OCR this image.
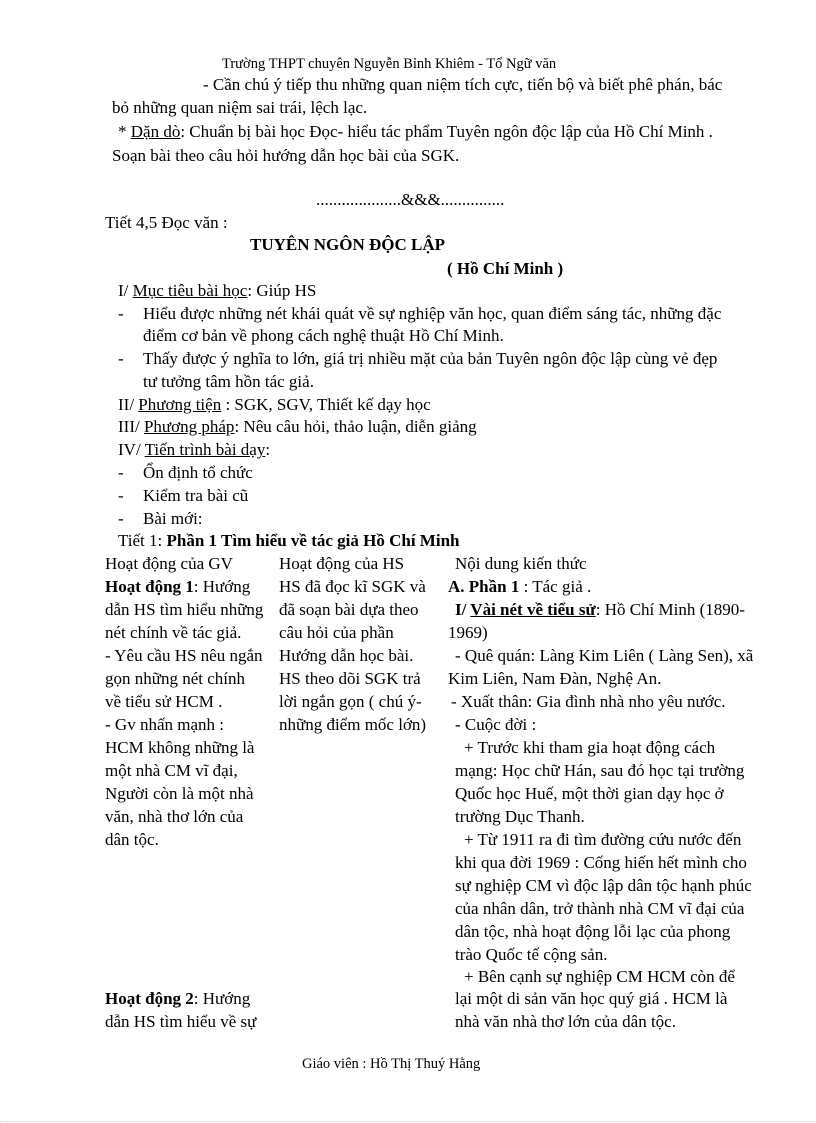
Trường THPT chuyên Nguyễn Bỉnh Khiêm - Tổ Ngữ văn
- Cần chú ý tiếp thu những quan niệm tích cực, tiến bộ và biết phê phán, bác
bỏ những quan niệm sai trái, lệch lạc.
* Dặn dò: Chuẩn bị bài học Đọc- hiểu tác phẩm Tuyên ngôn độc lập của Hồ Chí Minh .
Soạn bài theo câu hỏi hướng dẫn học bài của SGK.
....................&&&...............
Tiết 4,5 Đọc văn :
TUYÊN NGÔN ĐỘC LẬP
( Hồ Chí Minh )
I/ Mục tiêu bài học: Giúp HS
- Hiểu được những nét khái quát về sự nghiệp văn học, quan điểm sáng tác, những đặc
điểm cơ bản về phong cách nghệ thuật Hồ Chí Minh.
- Thấy được ý nghĩa to lớn, giá trị nhiều mặt của bản Tuyên ngôn độc lập cùng vẻ đẹp
tư tưởng tâm hồn tác giả.
II/ Phương tiện : SGK, SGV, Thiết kế dạy học
III/ Phương pháp: Nêu câu hỏi, thảo luận, diễn giảng
IV/ Tiến trình bài dạy:
- Ổn định tổ chức
- Kiểm tra bài cũ
- Bài mới:
Tiết 1: Phần 1 Tìm hiểu về tác giả Hồ Chí Minh
Hoạt động của GV	Hoạt động của HS	Nội dung kiến thức
Hoạt động 1: Hướng
dẫn HS tìm hiểu những
nét chính về tác giả.
- Yêu cầu HS nêu ngắn
gọn những nét chính
về tiểu sử HCM .
- Gv nhấn mạnh :
HCM không những là
một nhà CM vĩ đại,
Người còn là một nhà
văn, nhà thơ lớn của
dân tộc.
Hoạt động 2: Hướng
dẫn HS tìm hiểu về sự
HS đã đọc kĩ SGK và
đã soạn bài dựa theo
câu hỏi của phần
Hướng dẫn học bài.
HS theo dõi SGK trả
lời ngắn gọn ( chú ý-
những điểm mốc lớn)
A. Phần 1 : Tác giả .
I/ Vài nét về tiểu sử: Hồ Chí Minh (1890-
1969)
- Quê quán: Làng Kim Liên ( Làng Sen), xã
Kim Liên, Nam Đàn, Nghệ An.
- Xuất thân: Gia đình nhà nho yêu nước.
- Cuộc đời :
+ Trước khi tham gia hoạt động cách
mạng: Học chữ Hán, sau đó học tại trường
Quốc học Huế, một thời gian dạy học ở
trường Dục Thanh.
+ Từ 1911 ra đi tìm đường cứu nước đến
khi qua đời 1969 : Cống hiến hết mình cho
sự nghiệp CM vì độc lập dân tộc hạnh phúc
của nhân dân, trở thành nhà CM vĩ đại của
dân tộc, nhà hoạt động lỗi lạc của phong
trào Quốc tế cộng sản.
+ Bên cạnh sự nghiệp CM HCM còn để
lại một di sản văn học quý giá . HCM là
nhà văn nhà thơ lớn của dân tộc.
Giáo viên : Hồ Thị Thuý Hằng
